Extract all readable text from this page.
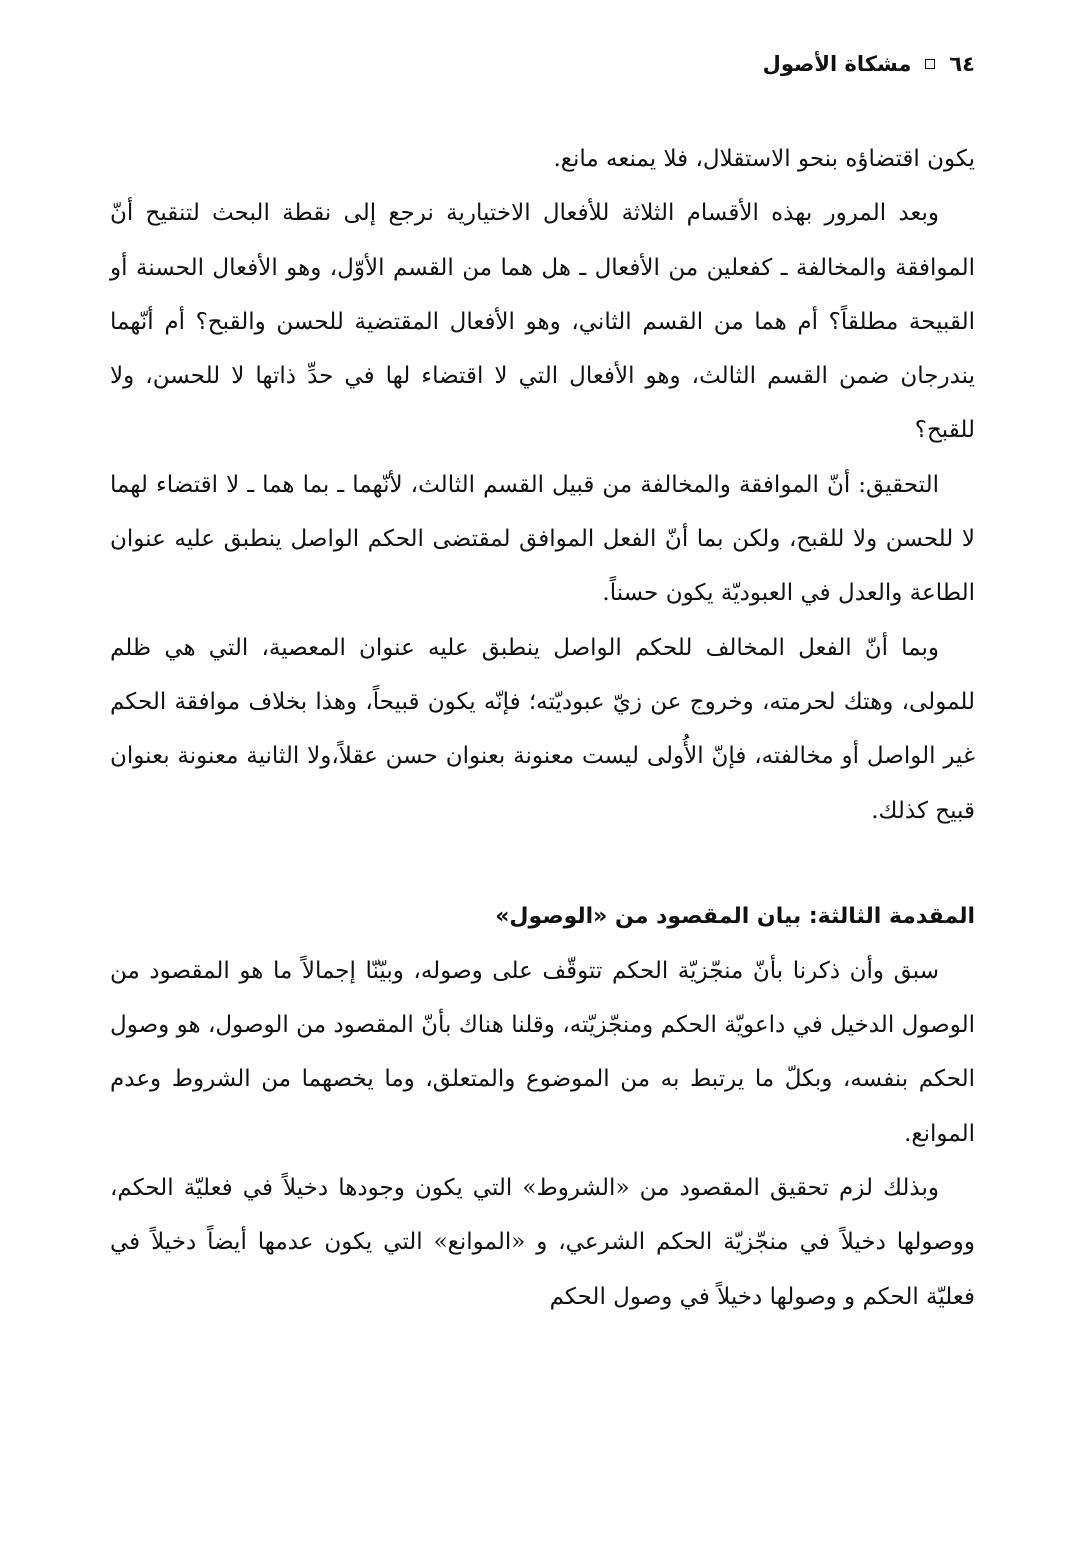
٦٤
مشكاة الأصول

يكون اقتضاؤه بنحو الاستقلال، فلا يمنعه مانع.

وبعد المرور بهذه الأقسام الثلاثة للأفعال الاختيارية نرجع إلى نقطة البحث لتنقيح أنّ الموافقة والمخالفة ـ كفعلين من الأفعال ـ هل هما من القسم الأوّل، وهو الأفعال الحسنة أو القبيحة مطلقاً؟ أم هما من القسم الثاني، وهو الأفعال المقتضية للحسن والقبح؟ أم أنّهما يندرجان ضمن القسم الثالث، وهو الأفعال التي لا اقتضاء لها في حدِّ ذاتها لا للحسن، ولا للقبح؟

التحقيق: أنّ الموافقة والمخالفة من قبيل القسم الثالث، لأنّهما ـ بما هما ـ لا اقتضاء لهما لا للحسن ولا للقبح، ولكن بما أنّ الفعل الموافق لمقتضى الحكم الواصل ينطبق عليه عنوان الطاعة والعدل في العبوديّة يكون حسناً.

وبما أنّ الفعل المخالف للحكم الواصل ينطبق عليه عنوان المعصية، التي هي ظلم للمولى، وهتك لحرمته، وخروج عن زيّ عبوديّته؛ فإنّه يكون قبيحاً، وهذا بخلاف موافقة الحكم غير الواصل أو مخالفته، فإنّ الأُولى ليست معنونة بعنوان حسن عقلاً،ولا الثانية معنونة بعنوان قبيح كذلك.

المقدمة الثالثة: بيان المقصود من «الوصول»

سبق وأن ذكرنا بأنّ منجّزيّة الحكم تتوقّف على وصوله، وبيّنّا إجمالاً ما هو المقصود من الوصول الدخيل في داعويّة الحكم ومنجّزيّته، وقلنا هناك بأنّ المقصود من الوصول، هو وصول الحكم بنفسه، وبكلّ ما يرتبط به من الموضوع والمتعلق، وما يخصهما من الشروط وعدم الموانع.

وبذلك لزم تحقيق المقصود من «الشروط» التي يكون وجودها دخيلاً في فعليّة الحكم، ووصولها دخيلاً في منجّزيّة الحكم الشرعي، و «الموانع» التي يكون عدمها أيضاً دخيلاً في فعليّة الحكم و وصولها دخيلاً في وصول الحكم
